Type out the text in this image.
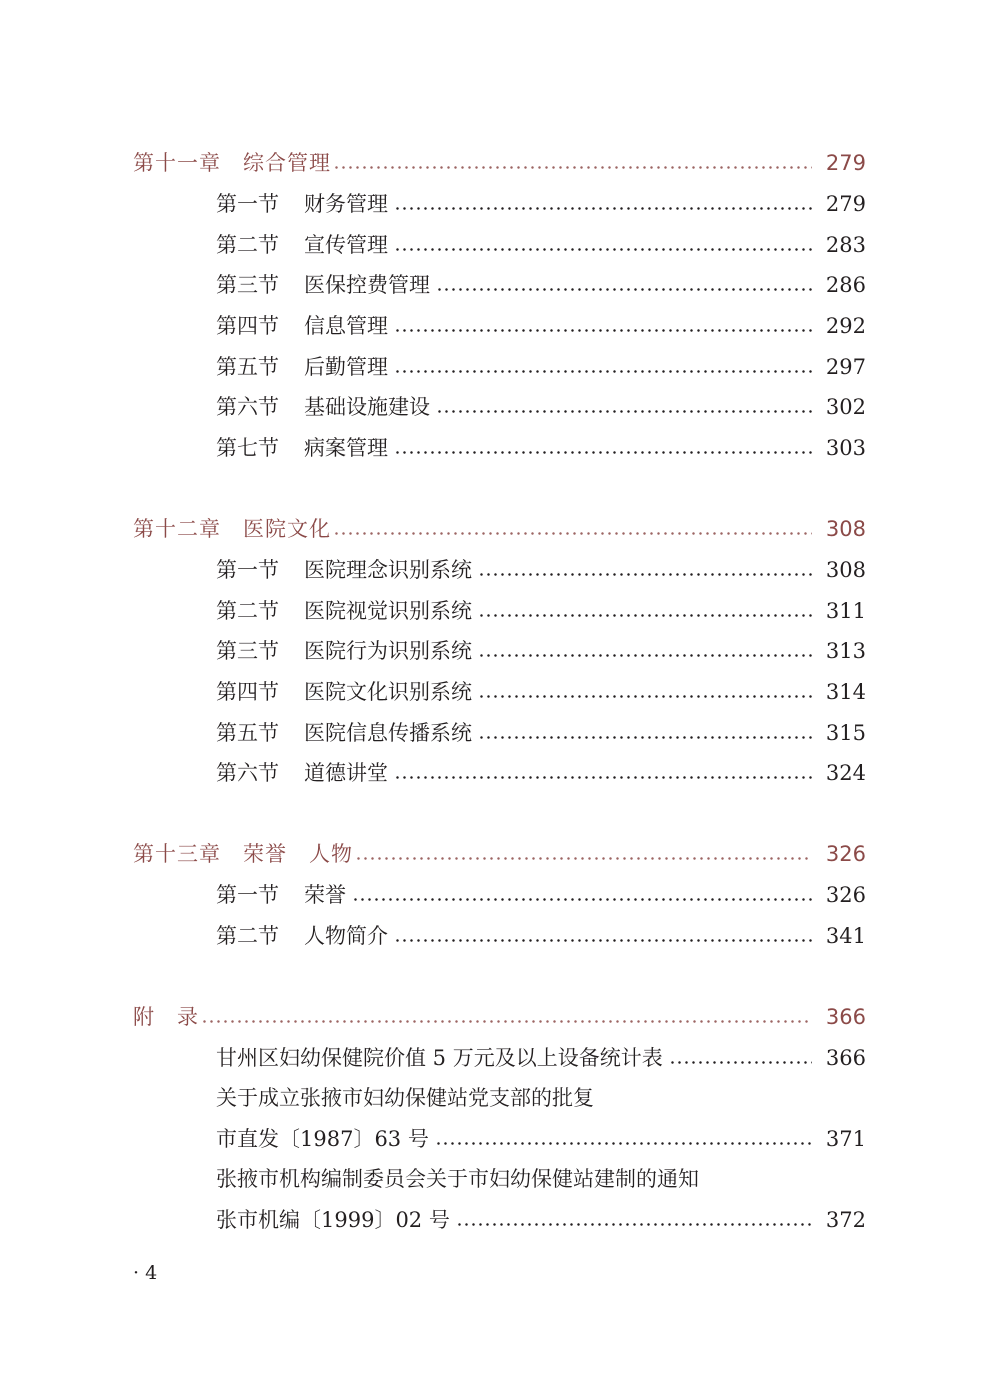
第十一章　综合管理	279
第一节 财务管理	279
第二节 宣传管理	283
第三节 医保控费管理	286
第四节 信息管理	292
第五节 后勤管理	297
第六节 基础设施建设	302
第七节 病案管理	303
第十二章　医院文化	308
第一节 医院理念识别系统	308
第二节 医院视觉识别系统	311
第三节 医院行为识别系统	313
第四节 医院文化识别系统	314
第五节 医院信息传播系统	315
第六节 道德讲堂	324
第十三章　荣誉　人物	326
第一节 荣誉	326
第二节 人物简介	341
附　录	366
甘州区妇幼保健院价值 5 万元及以上设备统计表	366
关于成立张掖市妇幼保健站党支部的批复
市直发〔1987〕63 号	371
张掖市机构编制委员会关于市妇幼保健站建制的通知
张市机编〔1999〕02 号	372
· 4
